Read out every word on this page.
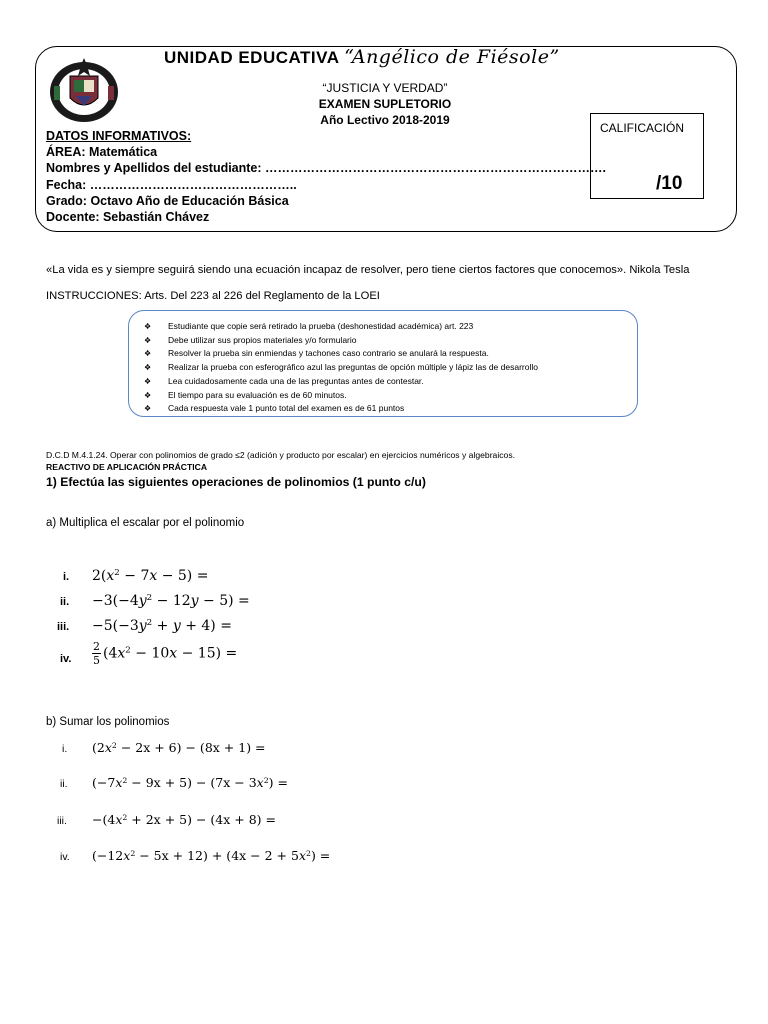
UNIDAD EDUCATIVA “Angélico de Fiésole”
“JUSTICIA Y VERDAD”
EXAMEN SUPLETORIO
Año Lectivo 2018-2019
CALIFICACIÓN
/10
DATOS INFORMATIVOS:
ÁREA: Matemática
Nombres y Apellidos del estudiante: ……………………………………………………………………….
Fecha: …………………………………………..
Grado: Octavo Año de Educación Básica
Docente: Sebastián Chávez
«La vida es y siempre seguirá siendo una ecuación incapaz de resolver, pero tiene ciertos factores que conocemos». Nikola Tesla
INSTRUCCIONES: Arts. Del 223 al 226 del Reglamento de la LOEI
❖ Estudiante que copie será retirado la prueba (deshonestidad académica) art. 223
❖ Debe utilizar sus propios materiales y/o formulario
❖ Resolver la prueba sin enmiendas y tachones caso contrario se anulará la respuesta.
❖ Realizar la prueba con esferográfico azul las preguntas de opción múltiple y lápiz las de desarrollo
❖ Lea cuidadosamente cada una de las preguntas antes de contestar.
❖ El tiempo para su evaluación es de 60 minutos.
❖ Cada respuesta vale 1 punto total del examen es de 61 puntos
D.C.D M.4.1.24. Operar con polinomios de grado ≤2 (adición y producto por escalar) en ejercicios numéricos y algebraicos.
REACTIVO DE APLICACIÓN PRÁCTICA
1) Efectúa las siguientes operaciones de polinomios (1 punto c/u)
a) Multiplica el escalar por el polinomio
i. $2(x^2 - 7x - 5)$ =
ii. $-3(-4y^2 - 12y - 5)$ =
iii. $-5(-3y^2 + y + 4)$ =
iv. $\frac{2}{5} (4x^2 - 10x - 15)$ =
b) Sumar los polinomios
i. $(2x^2 - 2x + 6) - (8x + 1)$ =
ii. $(-7x^2 - 9x + 5) - (7x - 3x^2)$ =
iii. $-(4x^2 + 2x + 5) - (4x + 8)$ =
iv. $(-12x^2 - 5x + 12) + (4x - 2 + 5x^2)$ =
